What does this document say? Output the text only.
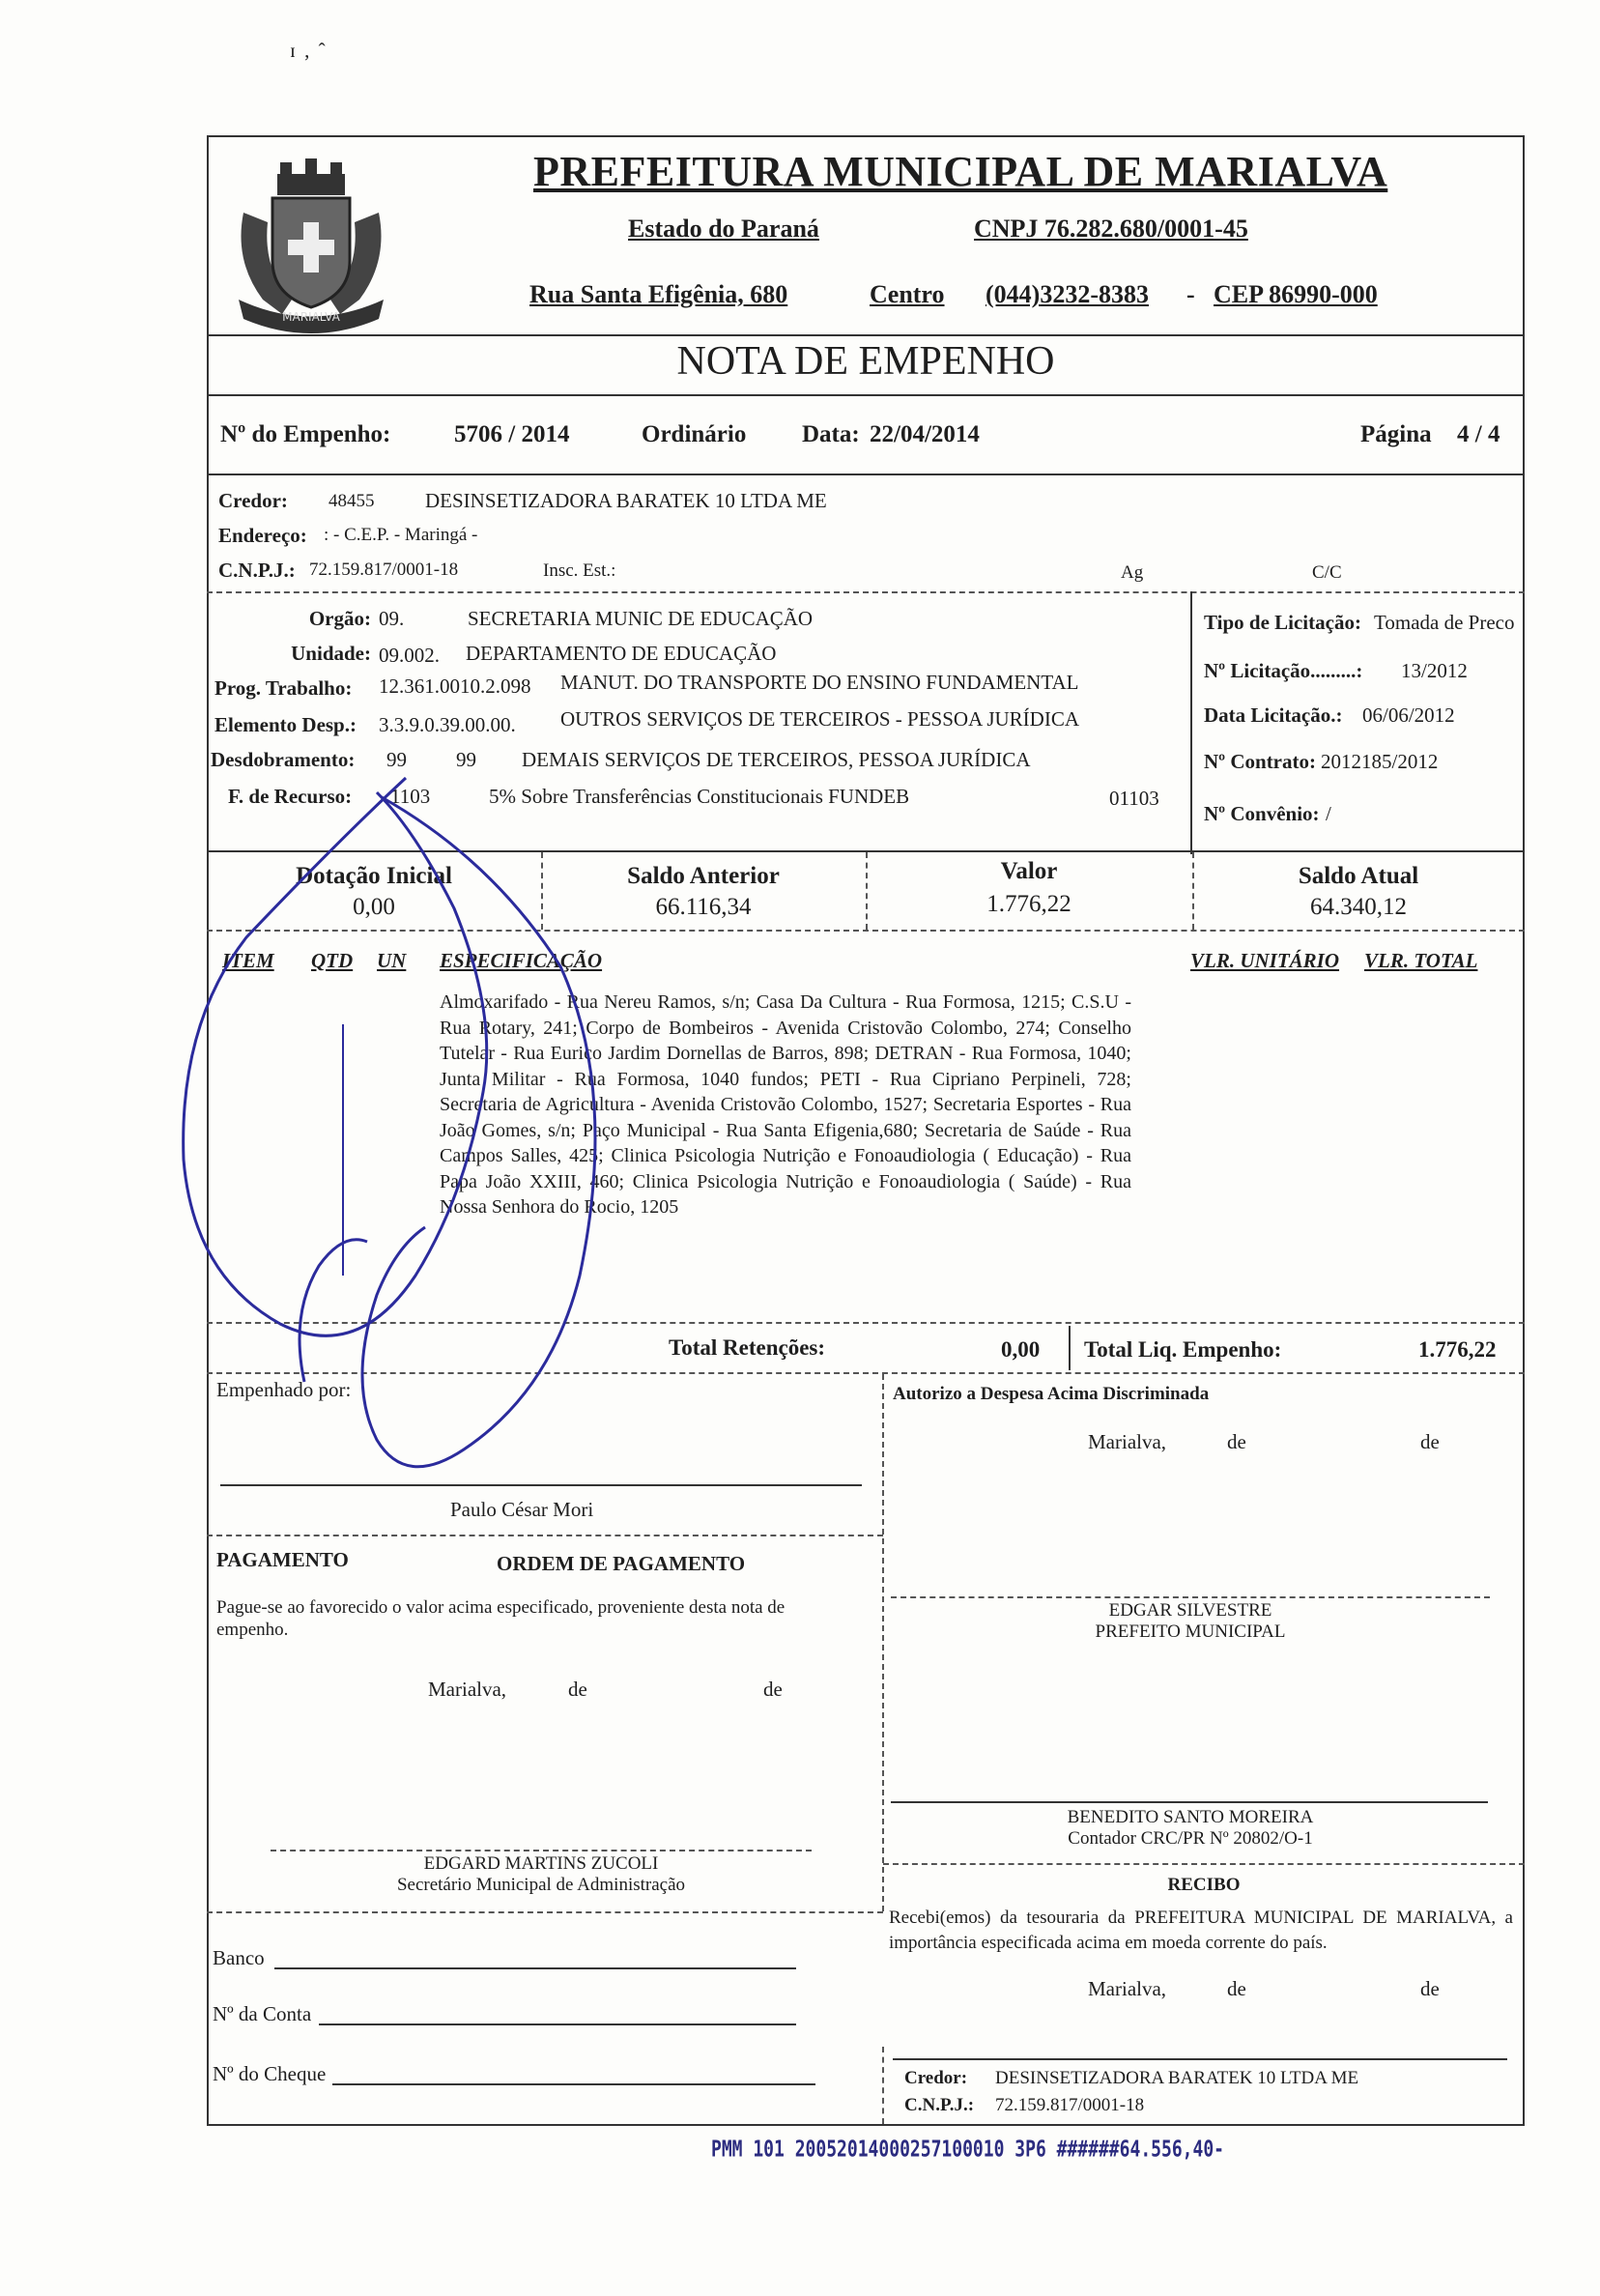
ɪ , ˆ
MARIALVA
PREFEITURA MUNICIPAL DE MARIALVA
Estado do Paraná	CNPJ 76.282.680/0001-45
Rua Santa Efigênia, 680	Centro (044)3232-8383 - CEP 86990-000
NOTA DE EMPENHO
Nº do Empenho:	5706 / 2014	Ordinário Data: 22/04/2014	Página 4 / 4
Credor: 48455	DESINSETIZADORA BARATEK 10 LTDA ME
Endereço: : - C.E.P. - Maringá -
C.N.P.J.: 72.159.817/0001-18	Insc. Est.:	Ag	C/C
Orgão: 09.	SECRETARIA MUNIC DE EDUCAÇÃO
Unidade: 09.002. DEPARTAMENTO DE EDUCAÇÃO
Prog. Trabalho: 12.361.0010.2.098 MANUT. DO TRANSPORTE DO ENSINO FUNDAMENTAL
Elemento Desp.: 3.3.9.0.39.00.00. OUTROS SERVIÇOS DE TERCEIROS - PESSOA JURÍDICA
Desdobramento: 99 99 DEMAIS SERVIÇOS DE TERCEIROS, PESSOA JURÍDICA
F. de Recurso: 1103	5% Sobre Transferências Constitucionais FUNDEB	01103
Tipo de Licitação: Tomada de Preco
Nº Licitação.........: 13/2012
Data Licitação.: 06/06/2012
Nº Contrato: 2012185/2012
Nº Convênio: /
Dotação Inicial
0,00
Saldo Anterior
66.116,34
Valor
1.776,22
Saldo Atual
64.340,12
ITEM QTD UN ESPECIFICAÇÃO	VLR. UNITÁRIO VLR. TOTAL
Almoxarifado - Rua Nereu Ramos, s/n; Casa Da Cultura - Rua Formosa, 1215; C.S.U - Rua Rotary, 241; Corpo de Bombeiros - Avenida Cristovão Colombo, 274; Conselho Tutelar - Rua Eurico Jardim Dornellas de Barros, 898; DETRAN - Rua Formosa, 1040; Junta Militar - Rua Formosa, 1040 fundos; PETI - Rua Cipriano Perpineli, 728; Secretaria de Agricultura - Avenida Cristovão Colombo, 1527; Secretaria Esportes - Rua João Gomes, s/n; Paço Municipal - Rua Santa Efigenia,680; Secretaria de Saúde - Rua Campos Salles, 425; Clinica Psicologia Nutrição e Fonoaudiologia ( Educação) - Rua Papa João XXIII, 460; Clinica Psicologia Nutrição e Fonoaudiologia ( Saúde) - Rua Nossa Senhora do Rocio, 1205
Total Retenções:	0,00 Total Liq. Empenho:	1.776,22
Empenhado por:
Paulo César Mori
Autorizo a Despesa Acima Discriminada
Marialva,	de	de
PAGAMENTO	ORDEM DE PAGAMENTO
Pague-se ao favorecido o valor acima especificado, proveniente desta nota de empenho.
EDGAR SILVESTRE
PREFEITO MUNICIPAL
Marialva,	de	de
BENEDITO SANTO MOREIRA
Contador CRC/PR Nº 20802/O-1
EDGARD MARTINS ZUCOLI
Secretário Municipal de Administração	RECIBO
Recebi(emos) da tesouraria da PREFEITURA MUNICIPAL DE MARIALVA, a importância especificada acima em moeda corrente do país.
Marialva,	de	de
Banco
Nº da Conta
Nº do Cheque	Credor: DESINSETIZADORA BARATEK 10 LTDA ME
C.N.P.J.: 72.159.817/0001-18
PMM 101 20052014000257100010 3P6 ######64.556,40-
